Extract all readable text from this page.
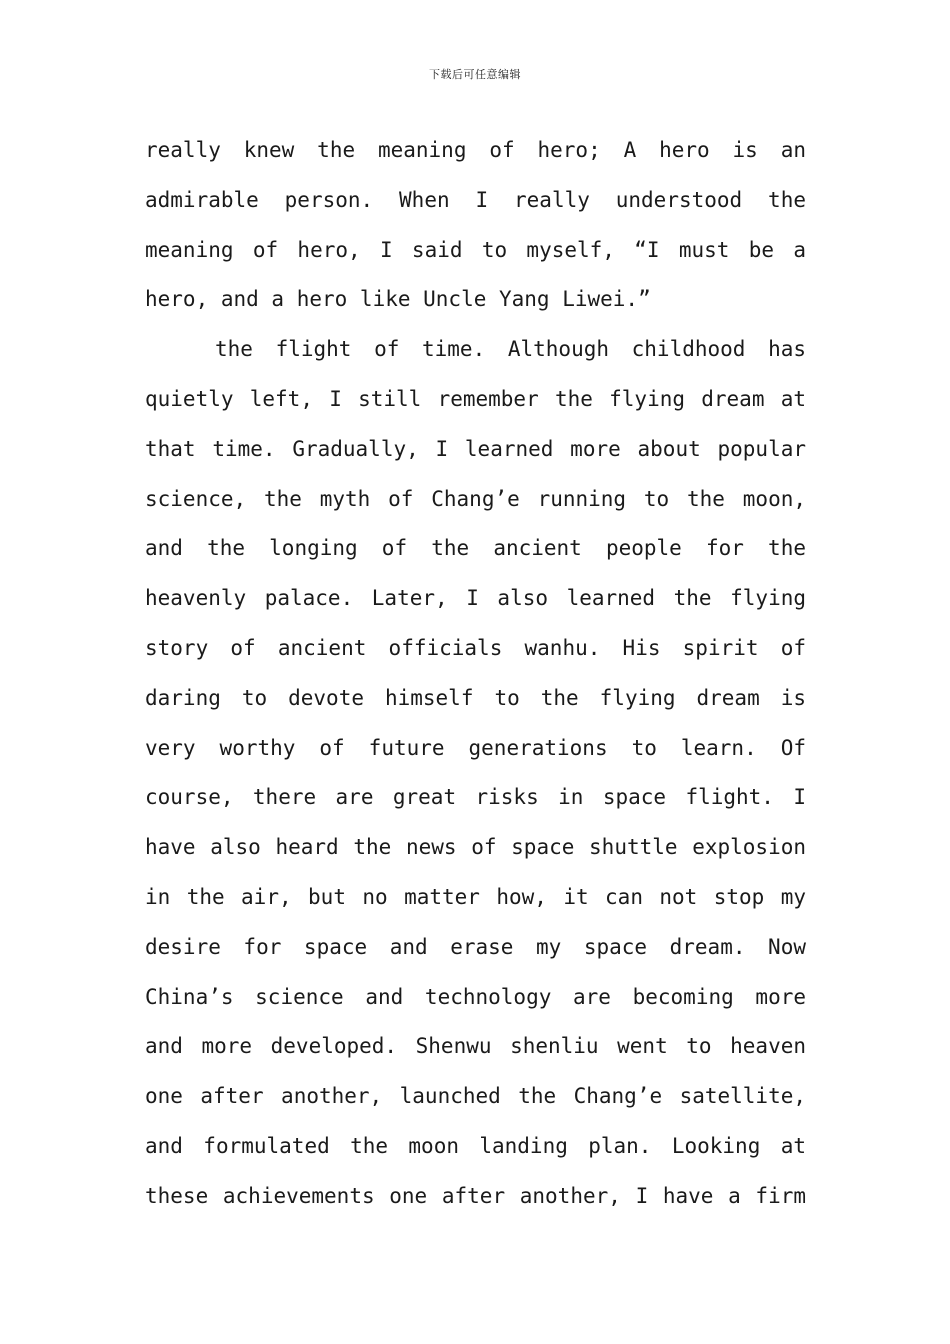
下载后可任意编辑
really knew the meaning of hero; A hero is an
admirable person. When I really understood the
meaning of hero, I said to myself, “I must be a
hero, and a hero like Uncle Yang Liwei.”
the flight of time. Although childhood has
quietly left, I still remember the flying dream at
that time. Gradually, I learned more about popular
science, the myth of Chang’e running to the moon,
and the longing of the ancient people for the
heavenly palace. Later, I also learned the flying
story of ancient officials wanhu. His spirit of
daring to devote himself to the flying dream is
very worthy of future generations to learn. Of
course, there are great risks in space flight. I
have also heard the news of space shuttle explosion
in the air, but no matter how, it can not stop my
desire for space and erase my space dream. Now
China’s science and technology are becoming more
and more developed. Shenwu shenliu went to heaven
one after another, launched the Chang’e satellite,
and formulated the moon landing plan. Looking at
these achievements one after another, I have a firm
